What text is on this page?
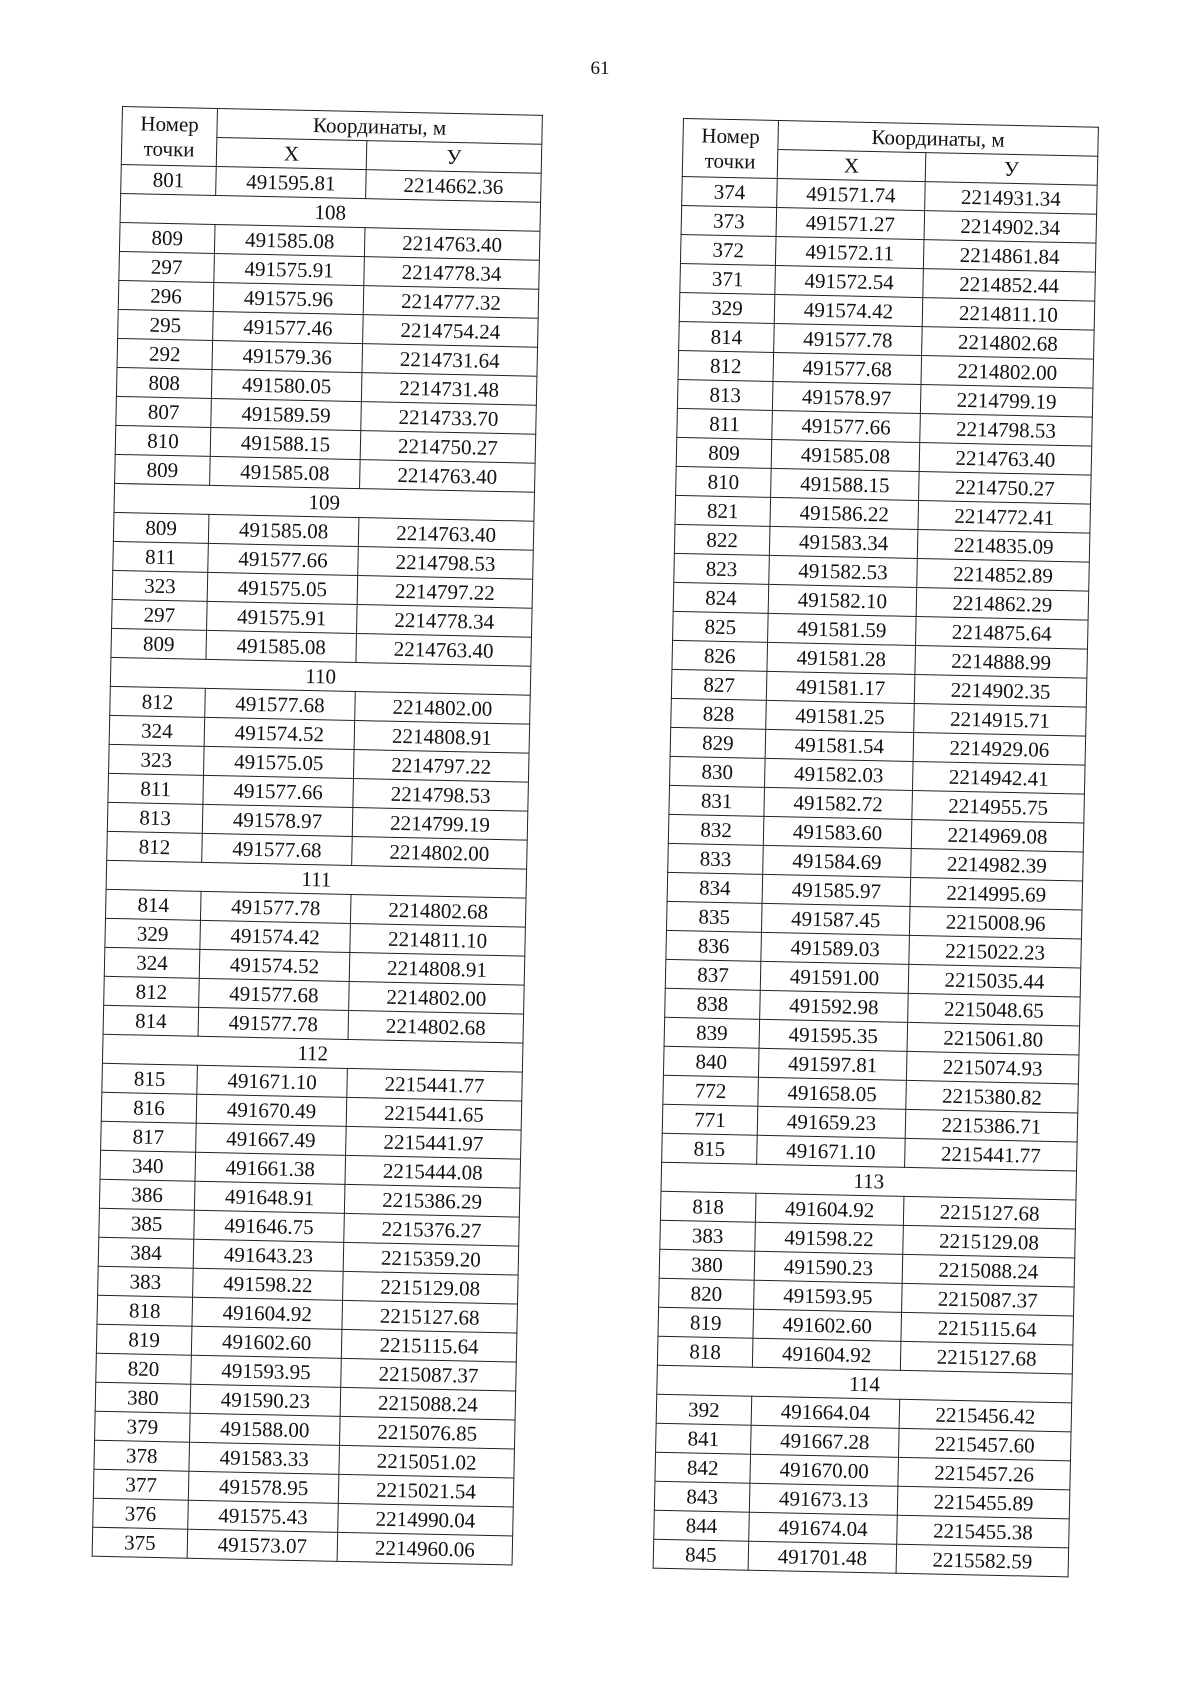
61
Номер точки	Координаты, м	
	X	У
801	491595.81	2214662.36
108		
809	491585.08	2214763.40
297	491575.91	2214778.34
296	491575.96	2214777.32
295	491577.46	2214754.24
292	491579.36	2214731.64
808	491580.05	2214731.48
807	491589.59	2214733.70
810	491588.15	2214750.27
809	491585.08	2214763.40
109		
809	491585.08	2214763.40
811	491577.66	2214798.53
323	491575.05	2214797.22
297	491575.91	2214778.34
809	491585.08	2214763.40
110		
812	491577.68	2214802.00
324	491574.52	2214808.91
323	491575.05	2214797.22
811	491577.66	2214798.53
813	491578.97	2214799.19
812	491577.68	2214802.00
111		
814	491577.78	2214802.68
329	491574.42	2214811.10
324	491574.52	2214808.91
812	491577.68	2214802.00
814	491577.78	2214802.68
112		
815	491671.10	2215441.77
816	491670.49	2215441.65
817	491667.49	2215441.97
340	491661.38	2215444.08
386	491648.91	2215386.29
385	491646.75	2215376.27
384	491643.23	2215359.20
383	491598.22	2215129.08
818	491604.92	2215127.68
819	491602.60	2215115.64
820	491593.95	2215087.37
380	491590.23	2215088.24
379	491588.00	2215076.85
378	491583.33	2215051.02
377	491578.95	2215021.54
376	491575.43	2214990.04
375	491573.07	2214960.06
Номер точки	Координаты, м	
	X	У
374	491571.74	2214931.34
373	491571.27	2214902.34
372	491572.11	2214861.84
371	491572.54	2214852.44
329	491574.42	2214811.10
814	491577.78	2214802.68
812	491577.68	2214802.00
813	491578.97	2214799.19
811	491577.66	2214798.53
809	491585.08	2214763.40
810	491588.15	2214750.27
821	491586.22	2214772.41
822	491583.34	2214835.09
823	491582.53	2214852.89
824	491582.10	2214862.29
825	491581.59	2214875.64
826	491581.28	2214888.99
827	491581.17	2214902.35
828	491581.25	2214915.71
829	491581.54	2214929.06
830	491582.03	2214942.41
831	491582.72	2214955.75
832	491583.60	2214969.08
833	491584.69	2214982.39
834	491585.97	2214995.69
835	491587.45	2215008.96
836	491589.03	2215022.23
837	491591.00	2215035.44
838	491592.98	2215048.65
839	491595.35	2215061.80
840	491597.81	2215074.93
772	491658.05	2215380.82
771	491659.23	2215386.71
815	491671.10	2215441.77
113		
818	491604.92	2215127.68
383	491598.22	2215129.08
380	491590.23	2215088.24
820	491593.95	2215087.37
819	491602.60	2215115.64
818	491604.92	2215127.68
114		
392	491664.04	2215456.42
841	491667.28	2215457.60
842	491670.00	2215457.26
843	491673.13	2215455.89
844	491674.04	2215455.38
845	491701.48	2215582.59
